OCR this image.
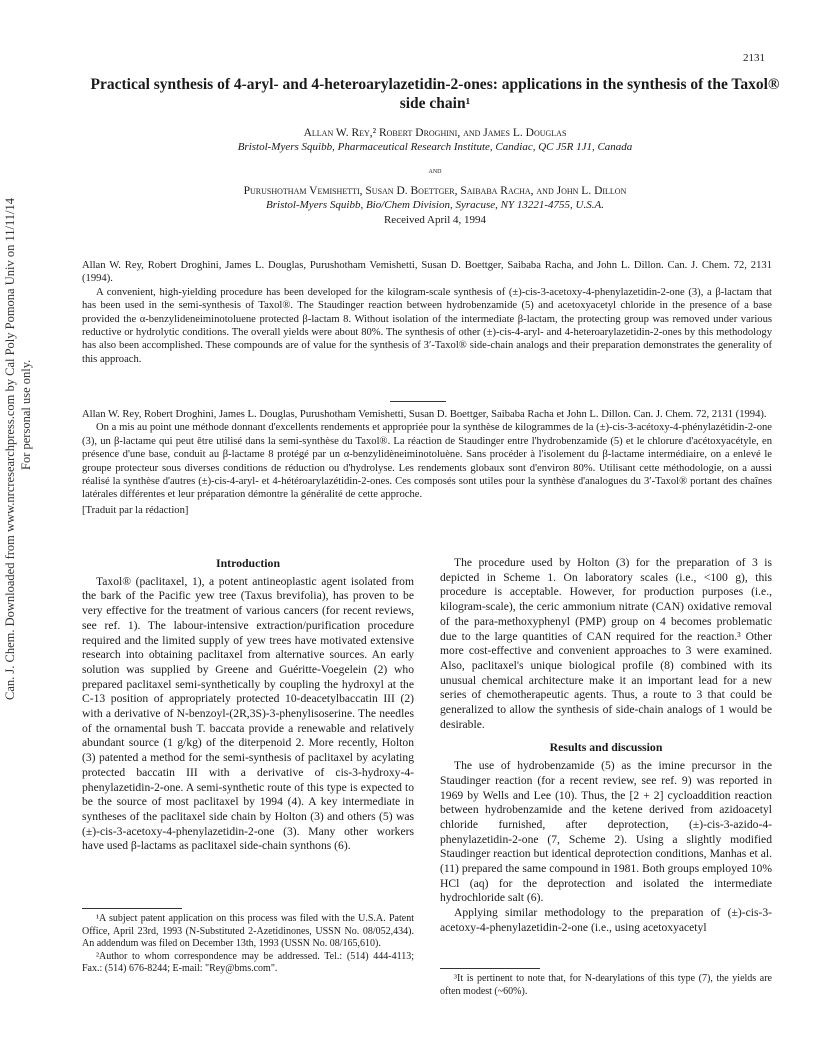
Can. J. Chem. Downloaded from www.nrcresearchpress.com by Cal Poly Pomona Univ on 11/11/14 For personal use only.
2131
Practical synthesis of 4-aryl- and 4-heteroarylazetidin-2-ones: applications in the synthesis of the Taxol® side chain¹
Allan W. Rey,² Robert Droghini, and James L. Douglas
Bristol-Myers Squibb, Pharmaceutical Research Institute, Candiac, QC J5R 1J1, Canada
and
Purushotham Vemishetti, Susan D. Boettger, Saibaba Racha, and John L. Dillon
Bristol-Myers Squibb, Bio/Chem Division, Syracuse, NY 13221-4755, U.S.A.
Received April 4, 1994

Allan W. Rey, Robert Droghini, James L. Douglas, Purushotham Vemishetti, Susan D. Boettger, Saibaba Racha, and John L. Dillon. Can. J. Chem. 72, 2131 (1994).

A convenient, high-yielding procedure has been developed for the kilogram-scale synthesis of (±)-cis-3-acetoxy-4-phenylazetidin-2-one (3), a β-lactam that has been used in the semi-synthesis of Taxol®. The Staudinger reaction between hydrobenzamide (5) and acetoxyacetyl chloride in the presence of a base provided the α-benzylideneiminotoluene protected β-lactam 8. Without isolation of the intermediate β-lactam, the protecting group was removed under various reductive or hydrolytic conditions. The overall yields were about 80%. The synthesis of other (±)-cis-4-aryl- and 4-heteroarylazetidin-2-ones by this methodology has also been accomplished. These compounds are of value for the synthesis of 3′-Taxol® side-chain analogs and their preparation demonstrates the generality of this approach.

Allan W. Rey, Robert Droghini, James L. Douglas, Purushotham Vemishetti, Susan D. Boettger, Saibaba Racha et John L. Dillon. Can. J. Chem. 72, 2131 (1994).

On a mis au point une méthode donnant d'excellents rendements et appropriée pour la synthèse de kilogrammes de la (±)-cis-3-acétoxy-4-phénylazétidin-2-one (3), un β-lactame qui peut être utilisé dans la semi-synthèse du Taxol®. La réaction de Staudinger entre l'hydrobenzamide (5) et le chlorure d'acétoxyacétyle, en présence d'une base, conduit au β-lactame 8 protégé par un α-benzylidèneiminotoluène. Sans procéder à l'isolement du β-lactame intermédiaire, on a enlevé le groupe protecteur sous diverses conditions de réduction ou d'hydrolyse. Les rendements globaux sont d'environ 80%. Utilisant cette méthodologie, on a aussi réalisé la synthèse d'autres (±)-cis-4-aryl- et 4-hétéroarylazétidin-2-ones. Ces composés sont utiles pour la synthèse d'analogues du 3′-Taxol® portant des chaînes latérales différentes et leur préparation démontre la généralité de cette approche.

[Traduit par la rédaction]

Introduction

Taxol® (paclitaxel, 1), a potent antineoplastic agent isolated from the bark of the Pacific yew tree (Taxus brevifolia), has proven to be very effective for the treatment of various cancers (for recent reviews, see ref. 1). The labour-intensive extraction/purification procedure required and the limited supply of yew trees have motivated extensive research into obtaining paclitaxel from alternative sources. An early solution was supplied by Greene and Guéritte-Voegelein (2) who prepared paclitaxel semi-synthetically by coupling the hydroxyl at the C-13 position of appropriately protected 10-deacetylbaccatin III (2) with a derivative of N-benzoyl-(2R,3S)-3-phenylisoserine. The needles of the ornamental bush T. baccata provide a renewable and relatively abundant source (1 g/kg) of the diterpenoid 2. More recently, Holton (3) patented a method for the semi-synthesis of paclitaxel by acylating protected baccatin III with a derivative of cis-3-hydroxy-4-phenylazetidin-2-one. A semi-synthetic route of this type is expected to be the source of most paclitaxel by 1994 (4). A key intermediate in syntheses of the paclitaxel side chain by Holton (3) and others (5) was (±)-cis-3-acetoxy-4-phenylazetidin-2-one (3). Many other workers have used β-lactams as paclitaxel side-chain synthons (6).

The procedure used by Holton (3) for the preparation of 3 is depicted in Scheme 1. On laboratory scales (i.e., <100 g), this procedure is acceptable. However, for production purposes (i.e., kilogram-scale), the ceric ammonium nitrate (CAN) oxidative removal of the para-methoxyphenyl (PMP) group on 4 becomes problematic due to the large quantities of CAN required for the reaction.³ Other more cost-effective and convenient approaches to 3 were examined. Also, paclitaxel's unique biological profile (8) combined with its unusual chemical architecture make it an important lead for a new series of chemotherapeutic agents. Thus, a route to 3 that could be generalized to allow the synthesis of side-chain analogs of 1 would be desirable.

Results and discussion

The use of hydrobenzamide (5) as the imine precursor in the Staudinger reaction (for a recent review, see ref. 9) was reported in 1969 by Wells and Lee (10). Thus, the [2 + 2] cycloaddition reaction between hydrobenzamide and the ketene derived from azidoacetyl chloride furnished, after deprotection, (±)-cis-3-azido-4-phenylazetidin-2-one (7, Scheme 2). Using a slightly modified Staudinger reaction but identical deprotection conditions, Manhas et al. (11) prepared the same compound in 1981. Both groups employed 10% HCl (aq) for the deprotection and isolated the intermediate hydrochloride salt (6).

Applying similar methodology to the preparation of (±)-cis-3-acetoxy-4-phenylazetidin-2-one (i.e., using acetoxyacetyl

¹A subject patent application on this process was filed with the U.S.A. Patent Office, April 23rd, 1993 (N-Substituted 2-Azetidinones, USSN No. 08/052,434). An addendum was filed on December 13th, 1993 (USSN No. 08/165,610).

²Author to whom correspondence may be addressed. Tel.: (514) 444-4113; Fax.: (514) 676-8244; E-mail: "Rey@bms.com".

³It is pertinent to note that, for N-dearylations of this type (7), the yields are often modest (~60%).
